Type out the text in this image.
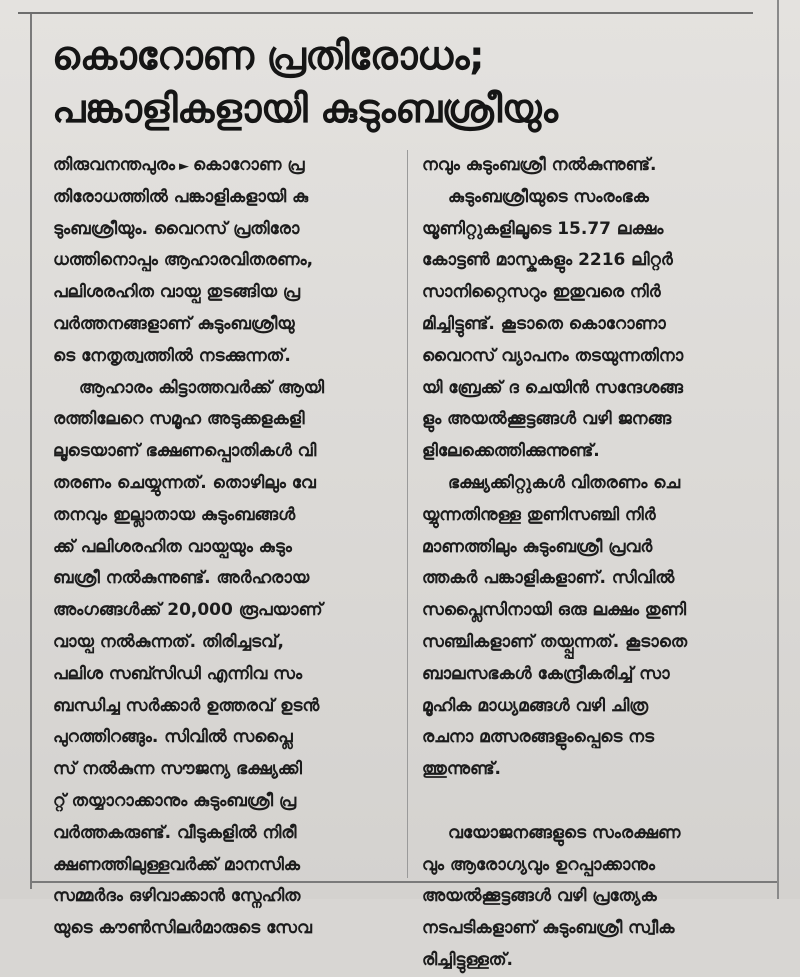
കൊറോണ പ്രതിരോധം;
പങ്കാളികളായി കുടുംബശ്രീയും
തിരുവനന്തപുരം ► കൊറോണ പ്ര
തിരോധത്തിൽ പങ്കാളികളായി കു
ടുംബശ്രീയും. വൈറസ് പ്രതിരോ
ധത്തിനൊപ്പം ആഹാരവിതരണം,
പലിശരഹിത വായ്പ തുടങ്ങിയ പ്ര
വർത്തനങ്ങളാണ് കുടുംബശ്രീയു
ടെ നേതൃത്വത്തിൽ നടക്കുന്നത്.
ആഹാരം കിട്ടാത്തവർക്ക് ആയി
രത്തിലേറെ സമൂഹ അടുക്കളകളി
ലൂടെയാണ് ഭക്ഷണപ്പൊതികൾ വി
തരണം ചെയ്യുന്നത്. തൊഴിലും വേ
തനവും ഇല്ലാതായ കുടുംബങ്ങൾ
ക്ക് പലിശരഹിത വായ്പയും കുടും
ബശ്രീ നൽകുന്നുണ്ട്. അർഹരായ
അംഗങ്ങൾക്ക് 20,000 രൂപയാണ്
വായ്പ നൽകുന്നത്. തിരിച്ചടവ്,
പലിശ സബ്സിഡി എന്നിവ സം
ബന്ധിച്ച സർക്കാർ ഉത്തരവ് ഉടൻ
പുറത്തിറങ്ങും. സിവിൽ സപ്ലൈ
സ് നൽകുന്ന സൗജന്യ ഭക്ഷ്യക്കി
റ്റ് തയ്യാറാക്കാനും കുടുംബശ്രീ പ്ര
വർത്തകരുണ്ട്. വീടുകളിൽ നിരീ
ക്ഷണത്തിലുള്ളവർക്ക് മാനസിക
സമ്മർദം ഒഴിവാക്കാൻ സ്നേഹിത
യുടെ കൗൺസിലർമാരുടെ സേവ
നവും കുടുംബശ്രീ നൽകുന്നുണ്ട്.
കുടുംബശ്രീയുടെ സംരംഭക
യൂണിറ്റുകളിലൂടെ 15.77 ലക്ഷം
കോട്ടൺ മാസ്കുകളും 2216 ലിറ്റർ
സാനിറ്റൈസറും ഇതുവരെ നിർ
മിച്ചിട്ടുണ്ട്. കൂടാതെ കൊറോണാ
വൈറസ് വ്യാപനം തടയുന്നതിനാ
യി ബ്രേക്ക് ദ ചെയിൻ സന്ദേശങ്ങ
ളും അയൽക്കൂട്ടങ്ങൾ വഴി ജനങ്ങ
ളിലേക്കെത്തിക്കുന്നുണ്ട്.
ഭക്ഷ്യക്കിറ്റുകൾ വിതരണം ചെ
യ്യുന്നതിനുള്ള തുണിസഞ്ചി നിർ
മാണത്തിലും കുടുംബശ്രീ പ്രവർ
ത്തകർ പങ്കാളികളാണ്. സിവിൽ
സപ്ലൈസിനായി ഒരു ലക്ഷം തുണി
സഞ്ചികളാണ് തയ്പ്പുന്നത്. കൂടാതെ
ബാലസഭകൾ കേന്ദ്രീകരിച്ച് സാ
മൂഹിക മാധ്യമങ്ങൾ വഴി ചിത്ര
രചനാ മത്സരങ്ങളുംപ്പെടെ നട
ത്തുന്നുണ്ട്.
വയോജനങ്ങളുടെ സംരക്ഷണ
വും ആരോഗ്യവും ഉറപ്പാക്കാനും
അയൽക്കൂട്ടങ്ങൾ വഴി പ്രത്യേക
നടപടികളാണ് കുടുംബശ്രീ സ്വീക
രിച്ചിട്ടുള്ളത്.
